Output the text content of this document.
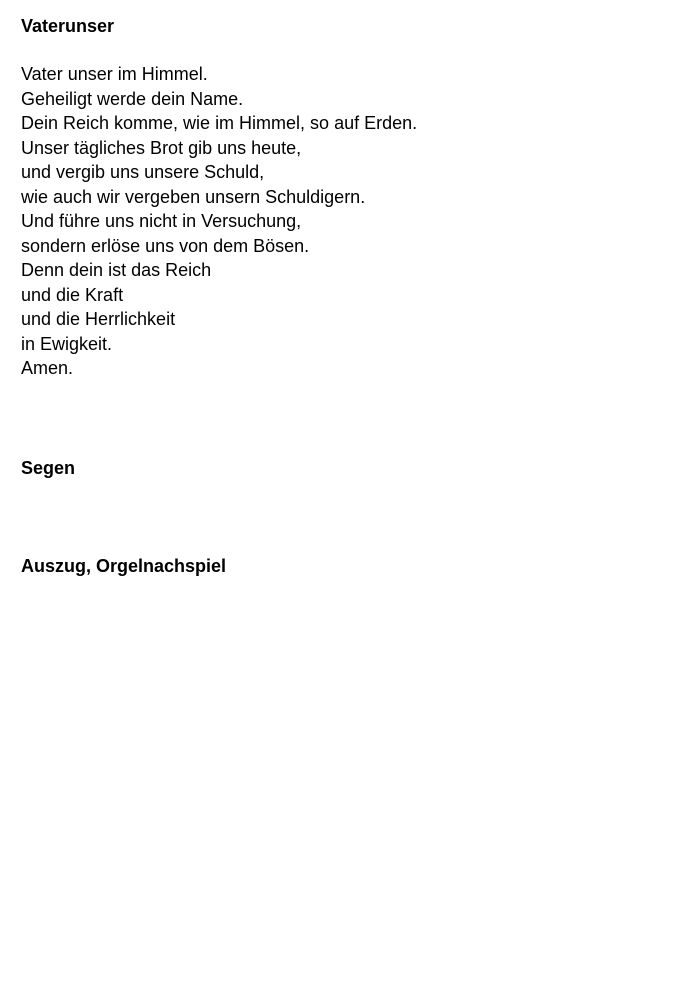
Vaterunser
Vater unser im Himmel.
Geheiligt werde dein Name.
Dein Reich komme, wie im Himmel, so auf Erden.
Unser tägliches Brot gib uns heute,
und vergib uns unsere Schuld,
wie auch wir vergeben unsern Schuldigern.
Und führe uns nicht in Versuchung,
sondern erlöse uns von dem Bösen.
Denn dein ist das Reich
und die Kraft
und die Herrlichkeit
in Ewigkeit.
Amen.
Segen
Auszug, Orgelnachspiel
